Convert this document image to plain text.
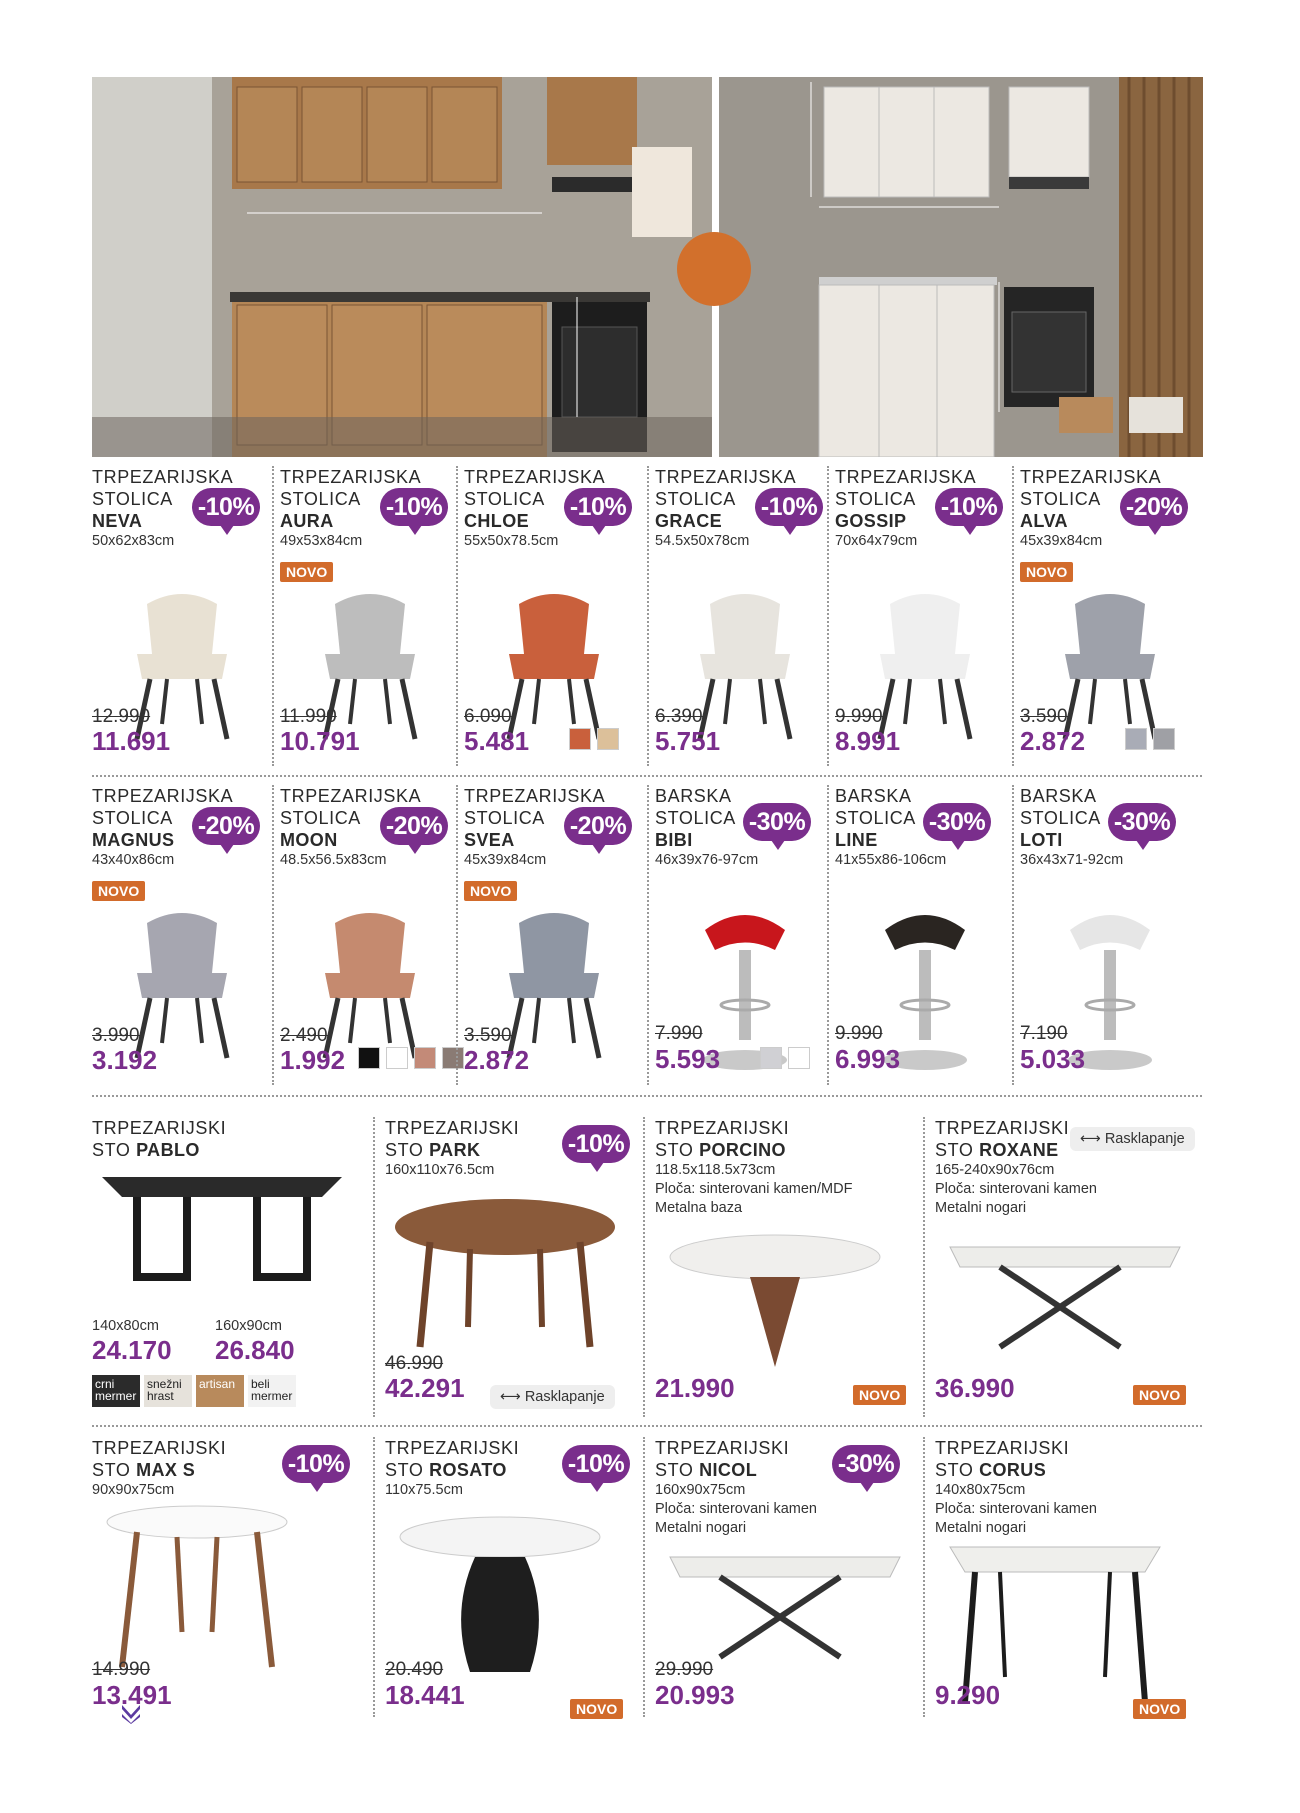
TRPEZARIJSKA
STOLICA
NEVA
50x62x83cm
-10%
12.990
11.691
TRPEZARIJSKA
STOLICA
AURA
49x53x84cm
-10%
NOVO
11.990
10.791
TRPEZARIJSKA
STOLICA
CHLOE
55x50x78.5cm
-10%
6.090
5.481
TRPEZARIJSKA
STOLICA
GRACE
54.5x50x78cm
-10%
6.390
5.751
TRPEZARIJSKA
STOLICA
GOSSIP
70x64x79cm
-10%
9.990
8.991
TRPEZARIJSKA
STOLICA
ALVA
45x39x84cm
-20%
NOVO
3.590
2.872
TRPEZARIJSKA
STOLICA
MAGNUS
43x40x86cm
-20%
NOVO
3.990
3.192
TRPEZARIJSKA
STOLICA
MOON
48.5x56.5x83cm
-20%
2.490
1.992
TRPEZARIJSKA
STOLICA
SVEA
45x39x84cm
-20%
NOVO
3.590
2.872
BARSKA
STOLICA
BIBI
46x39x76-97cm
-30%
7.990
5.593
BARSKA
STOLICA
LINE
41x55x86-106cm
-30%
9.990
6.993
BARSKA
STOLICA
LOTI
36x43x71-92cm
-30%
7.190
5.033
TRPEZARIJSKI
STO PABLO
140x80cm
24.170
160x90cm
26.840
crni mermer
snežni hrast
artisan	beli mermer
TRPEZARIJSKI
STO PARK
160x110x76.5cm
-10%
⟷ Rasklapanje
46.990
42.291
TRPEZARIJSKI
STO PORCINO
118.5x118.5x73cm
Ploča: sinterovani kamen/MDF
Metalna baza
21.990	NOVO
TRPEZARIJSKI
STO ROXANE
165-240x90x76cm
Ploča: sinterovani kamen
Metalni nogari
⟷ Rasklapanje
36.990	NOVO
TRPEZARIJSKI
STO MAX S
90x90x75cm
-10%
14.990
13.491
TRPEZARIJSKI
STO ROSATO
110x75.5cm
-10%
20.490
18.441	NOVO
TRPEZARIJSKI
STO NICOL
160x90x75cm
Ploča: sinterovani kamen
Metalni nogari
-30%
29.990
20.993
TRPEZARIJSKI
STO CORUS
140x80x75cm
Ploča: sinterovani kamen
Metalni nogari
9.290	NOVO
